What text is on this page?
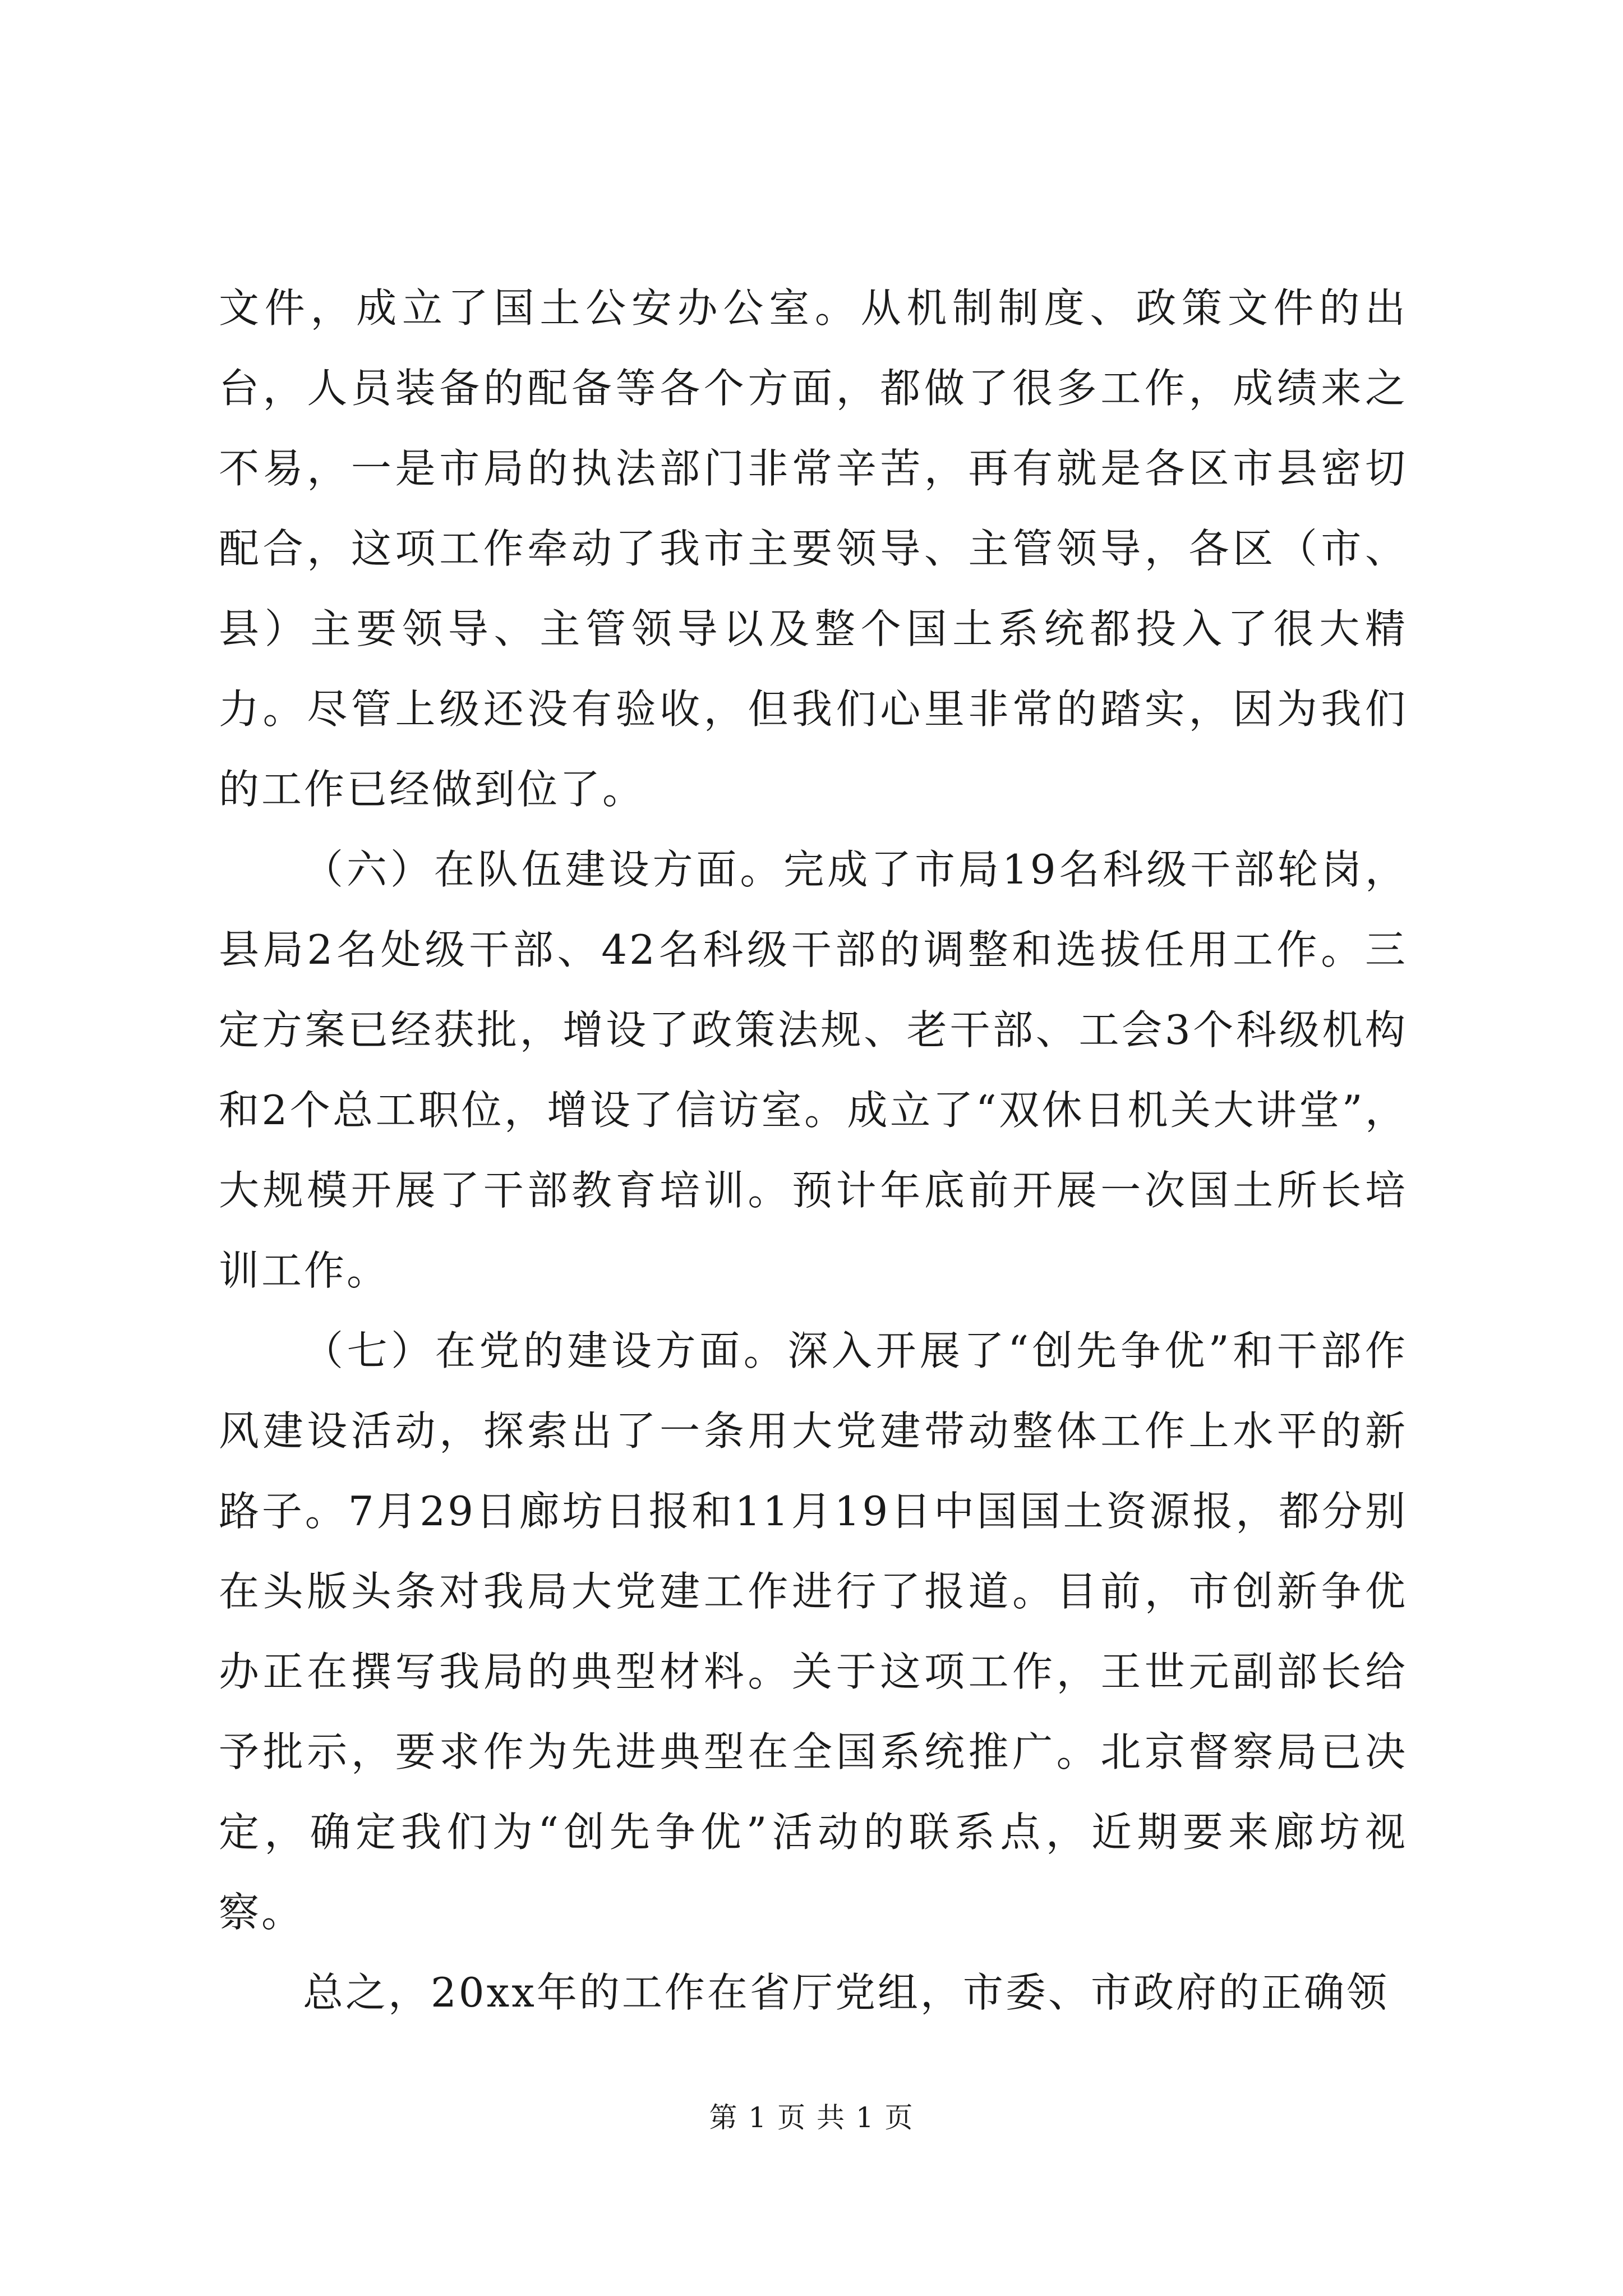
文件，成立了国土公安办公室。从机制制度、政策文件的出台，人员装备的配备等各个方面，都做了很多工作，成绩来之不易，一是市局的执法部门非常辛苦，再有就是各区市县密切配合，这项工作牵动了我市主要领导、主管领导，各区（市、县）主要领导、主管领导以及整个国土系统都投入了很大精力。尽管上级还没有验收，但我们心里非常的踏实，因为我们的工作已经做到位了。

（六）在队伍建设方面。完成了市局19名科级干部轮岗，县局2名处级干部、42名科级干部的调整和选拔任用工作。三定方案已经获批，增设了政策法规、老干部、工会3个科级机构和2个总工职位，增设了信访室。成立了“双休日机关大讲堂”，大规模开展了干部教育培训。预计年底前开展一次国土所长培训工作。

（七）在党的建设方面。深入开展了“创先争优”和干部作风建设活动，探索出了一条用大党建带动整体工作上水平的新路子。7月29日廊坊日报和11月19日中国国土资源报，都分别在头版头条对我局大党建工作进行了报道。目前，市创新争优办正在撰写我局的典型材料。关于这项工作，王世元副部长给予批示，要求作为先进典型在全国系统推广。北京督察局已决定，确定我们为“创先争优”活动的联系点，近期要来廊坊视察。

总之，20xx年的工作在省厅党组，市委、市政府的正确领

第 1 页 共 1 页
